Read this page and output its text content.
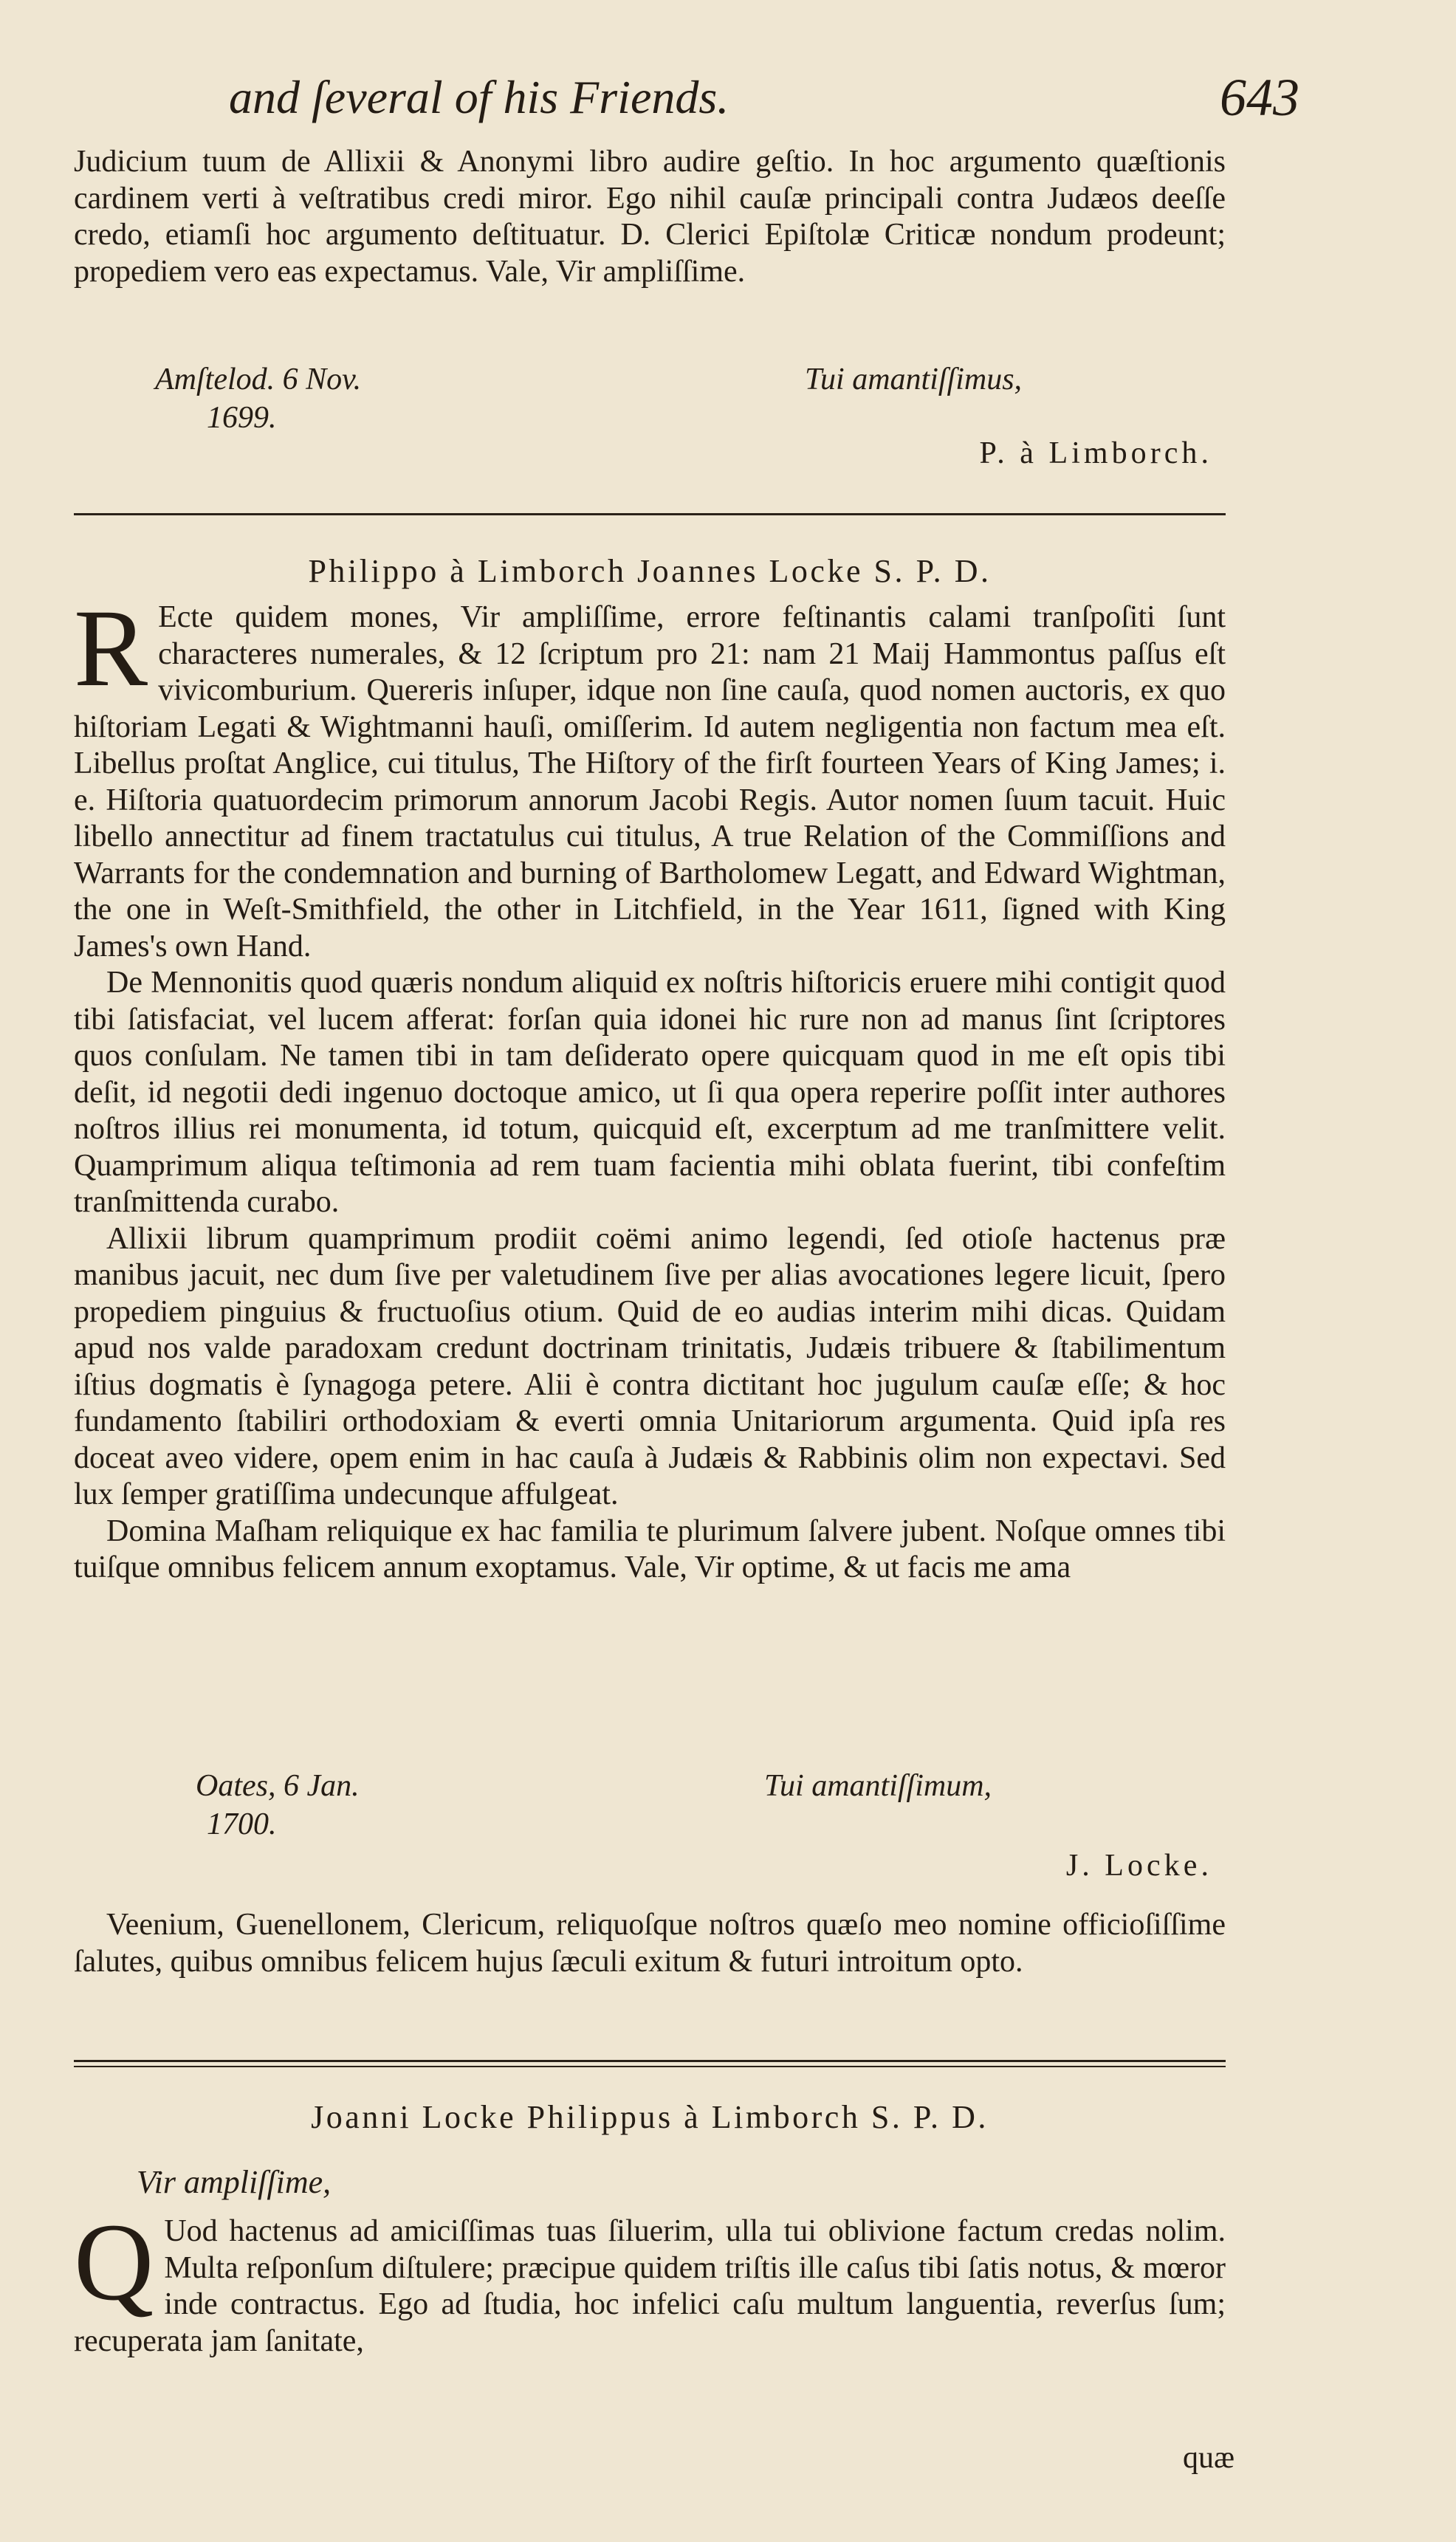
and ſeveral of his Friends.	643

Judicium tuum de Allixii & Anonymi libro audire geſtio. In hoc argumento quæſtionis cardinem verti à veſtratibus credi miror. Ego nihil cauſæ principali contra Judæos deeſſe credo, etiamſi hoc argumento deſtituatur. D. Clerici Epiſtolæ Criticæ nondum prodeunt; propediem vero eas expectamus. Vale, Vir ampliſſime.

Amſtelod. 6 Nov.
1699.
Tui amantiſſimus,
P. à Limborch.
Philippo à Limborch Joannes Locke S. P. D.

R Ecte quidem mones, Vir ampliſſime, errore feſtinantis calami tranſpoſiti ſunt characteres numerales, & 12 ſcriptum pro 21: nam 21 Maij Hammontus paſſus eſt vivicomburium. Quereris inſuper, idque non ſine cauſa, quod nomen auctoris, ex quo hiſtoriam Legati & Wightmanni hauſi, omiſſerim. Id autem negligentia non factum mea eſt. Libellus proſtat Anglice, cui titulus, The Hiſtory of the firſt fourteen Years of King James; i. e. Hiſtoria quatuordecim primorum annorum Jacobi Regis. Autor nomen ſuum tacuit. Huic libello annectitur ad finem tractatulus cui titulus, A true Relation of the Commiſſions and Warrants for the condemnation and burning of Bartholomew Legatt, and Edward Wightman, the one in Weſt-Smithfield, the other in Litchfield, in the Year 1611, ſigned with King James's own Hand.

De Mennonitis quod quæris nondum aliquid ex noſtris hiſtoricis eruere mihi contigit quod tibi ſatisfaciat, vel lucem afferat: forſan quia idonei hic rure non ad manus ſint ſcriptores quos conſulam. Ne tamen tibi in tam deſiderato opere quicquam quod in me eſt opis tibi deſit, id negotii dedi ingenuo doctoque amico, ut ſi qua opera reperire poſſit inter authores noſtros illius rei monumenta, id totum, quicquid eſt, excerptum ad me tranſmittere velit. Quamprimum aliqua teſtimonia ad rem tuam facientia mihi oblata fuerint, tibi confeſtim tranſmittenda curabo.

Allixii librum quamprimum prodiit coëmi animo legendi, ſed otioſe hactenus præ manibus jacuit, nec dum ſive per valetudinem ſive per alias avocationes legere licuit, ſpero propediem pinguius & fructuoſius otium. Quid de eo audias interim mihi dicas. Quidam apud nos valde paradoxam credunt doctrinam trinitatis, Judæis tribuere & ſtabilimentum iſtius dogmatis è ſynagoga petere. Alii è contra dictitant hoc jugulum cauſæ eſſe; & hoc fundamento ſtabiliri orthodoxiam & everti omnia Unitariorum argumenta. Quid ipſa res doceat aveo videre, opem enim in hac cauſa à Judæis & Rabbinis olim non expectavi. Sed lux ſemper gratiſſima undecunque affulgeat.

Domina Maſham reliquique ex hac familia te plurimum ſalvere jubent. Noſque omnes tibi tuiſque omnibus felicem annum exoptamus. Vale, Vir optime, & ut facis me ama

Oates, 6 Jan.
1700.
Tui amantiſſimum,
J. Locke.

Veenium, Guenellonem, Clericum, reliquoſque noſtros quæſo meo nomine officioſiſſime ſalutes, quibus omnibus felicem hujus ſæculi exitum & futuri introitum opto.

Joanni Locke Philippus à Limborch S. P. D.
Vir ampliſſime,

Q Uod hactenus ad amiciſſimas tuas ſiluerim, ulla tui oblivione factum credas nolim. Multa reſponſum diſtulere; præcipue quidem triſtis ille caſus tibi ſatis notus, & mœror inde contractus. Ego ad ſtudia, hoc infelici caſu multum languentia, reverſus ſum; recuperata jam ſanitate,

quæ
